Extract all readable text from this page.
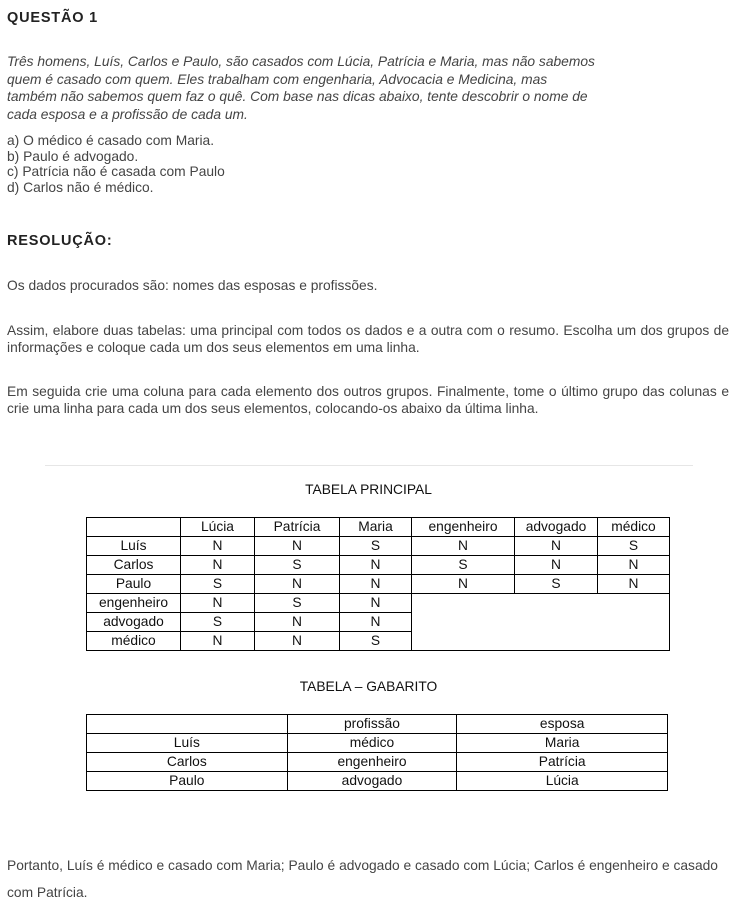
QUESTÃO 1
Três homens, Luís, Carlos e Paulo, são casados com Lúcia, Patrícia e Maria, mas não sabemos
quem é casado com quem. Eles trabalham com engenharia, Advocacia e Medicina, mas
também não sabemos quem faz o quê. Com base nas dicas abaixo, tente descobrir o nome de
cada esposa e a profissão de cada um.
a) O médico é casado com Maria.
b) Paulo é advogado.
c) Patrícia não é casada com Paulo
d) Carlos não é médico.
RESOLUÇÃO:
Os dados procurados são: nomes das esposas e profissões.
Assim, elabore duas tabelas: uma principal com todos os dados e a outra com o resumo. Escolha um dos grupos de informações e coloque cada um dos seus elementos em uma linha.
Em seguida crie uma coluna para cada elemento dos outros grupos. Finalmente, tome o último grupo das colunas e crie uma linha para cada um dos seus elementos, colocando-os abaixo da última linha.
TABELA PRINCIPAL
	Lúcia	Patrícia	Maria	engenheiro	advogado	médico
Luís	N	N	S	N	N	S
Carlos	N	S	N	S	N	N
Paulo	S	N	N	N	S	N
engenheiro	N	S	N			
advogado	S	N	N			
médico	N	N	S			
TABELA – GABARITO
	profissão	esposa
Luís	médico	Maria
Carlos	engenheiro	Patrícia
Paulo	advogado	Lúcia
Portanto, Luís é médico e casado com Maria; Paulo é advogado e casado com Lúcia; Carlos é engenheiro e casado com Patrícia.
